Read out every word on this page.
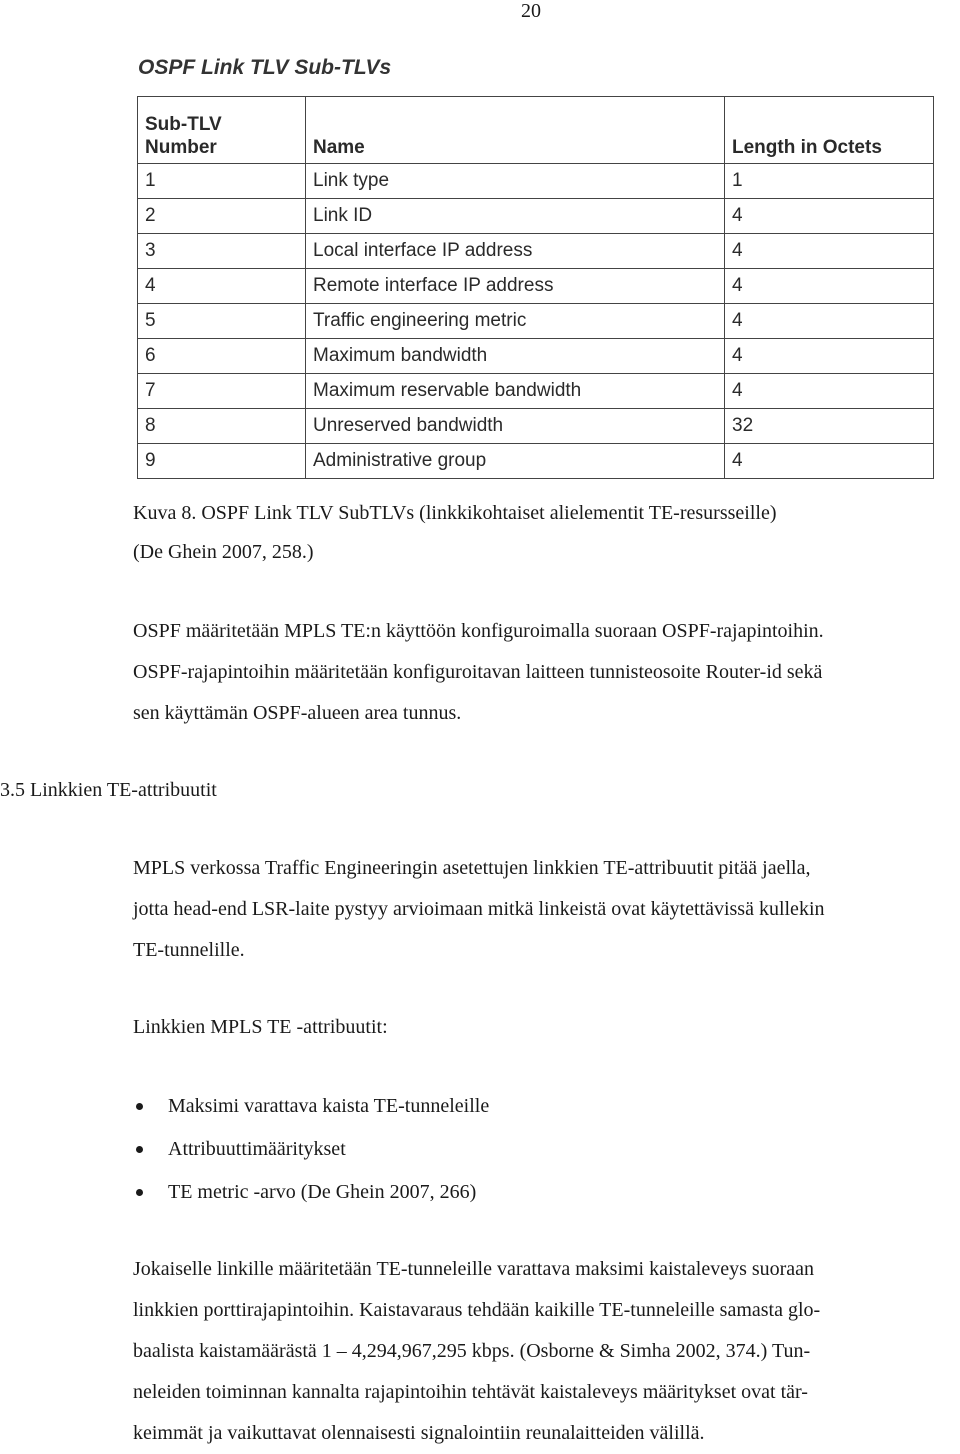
20
OSPF Link TLV Sub-TLVs
Sub-TLV Number	Name	Length in Octets
1	Link type	1
2	Link ID	4
3	Local interface IP address	4
4	Remote interface IP address	4
5	Traffic engineering metric	4
6	Maximum bandwidth	4
7	Maximum reservable bandwidth	4
8	Unreserved bandwidth	32
9	Administrative group	4
Kuva 8. OSPF Link TLV SubTLVs (linkkikohtaiset alielementit TE-resursseille)
(De Ghein 2007, 258.)
OSPF määritetään MPLS TE:n käyttöön konfiguroimalla suoraan OSPF-rajapintoihin.
OSPF-rajapintoihin määritetään konfiguroitavan laitteen tunnisteosoite Router-id sekä
sen käyttämän OSPF-alueen area tunnus.
3.5 Linkkien TE-attribuutit
MPLS verkossa Traffic Engineeringin asetettujen linkkien TE-attribuutit pitää jaella,
jotta head-end LSR-laite pystyy arvioimaan mitkä linkeistä ovat käytettävissä kullekin
TE-tunnelille.
Linkkien MPLS TE -attribuutit:
Maksimi varattava kaista TE-tunneleille
Attribuuttimääritykset
TE metric -arvo (De Ghein 2007, 266)
Jokaiselle linkille määritetään TE-tunneleille varattava maksimi kaistaleveys suoraan
linkkien porttirajapintoihin. Kaistavaraus tehdään kaikille TE-tunneleille samasta glo-
baalista kaistamäärästä 1 – 4,294,967,295 kbps. (Osborne & Simha 2002, 374.) Tun-
neleiden toiminnan kannalta rajapintoihin tehtävät kaistaleveys määritykset ovat tär-
keimmät ja vaikuttavat olennaisesti signalointiin reunalaitteiden välillä.
